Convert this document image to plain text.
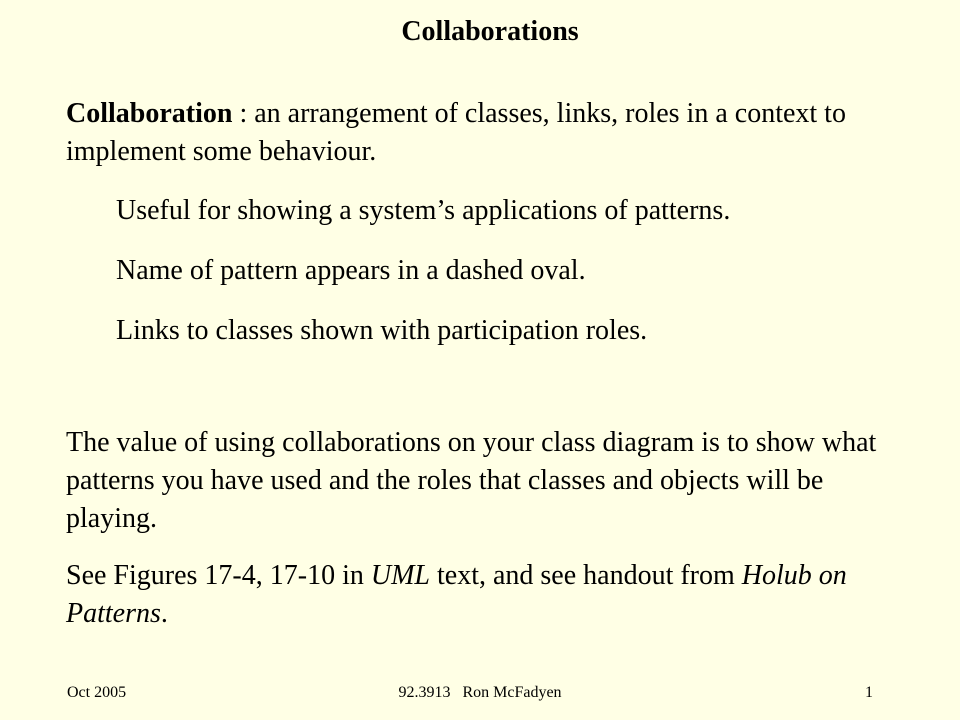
Collaborations

Collaboration : an arrangement of classes, links, roles in a context to implement some behaviour.

Useful for showing a system’s applications of patterns.

Name of pattern appears in a dashed oval.

Links to classes shown with participation roles.

The value of using collaborations on your class diagram is to show what patterns you have used and the roles that classes and objects will be playing.

See Figures 17-4, 17-10 in UML text, and see handout from Holub on Patterns.

Oct 2005	92.3913   Ron McFadyen	1
